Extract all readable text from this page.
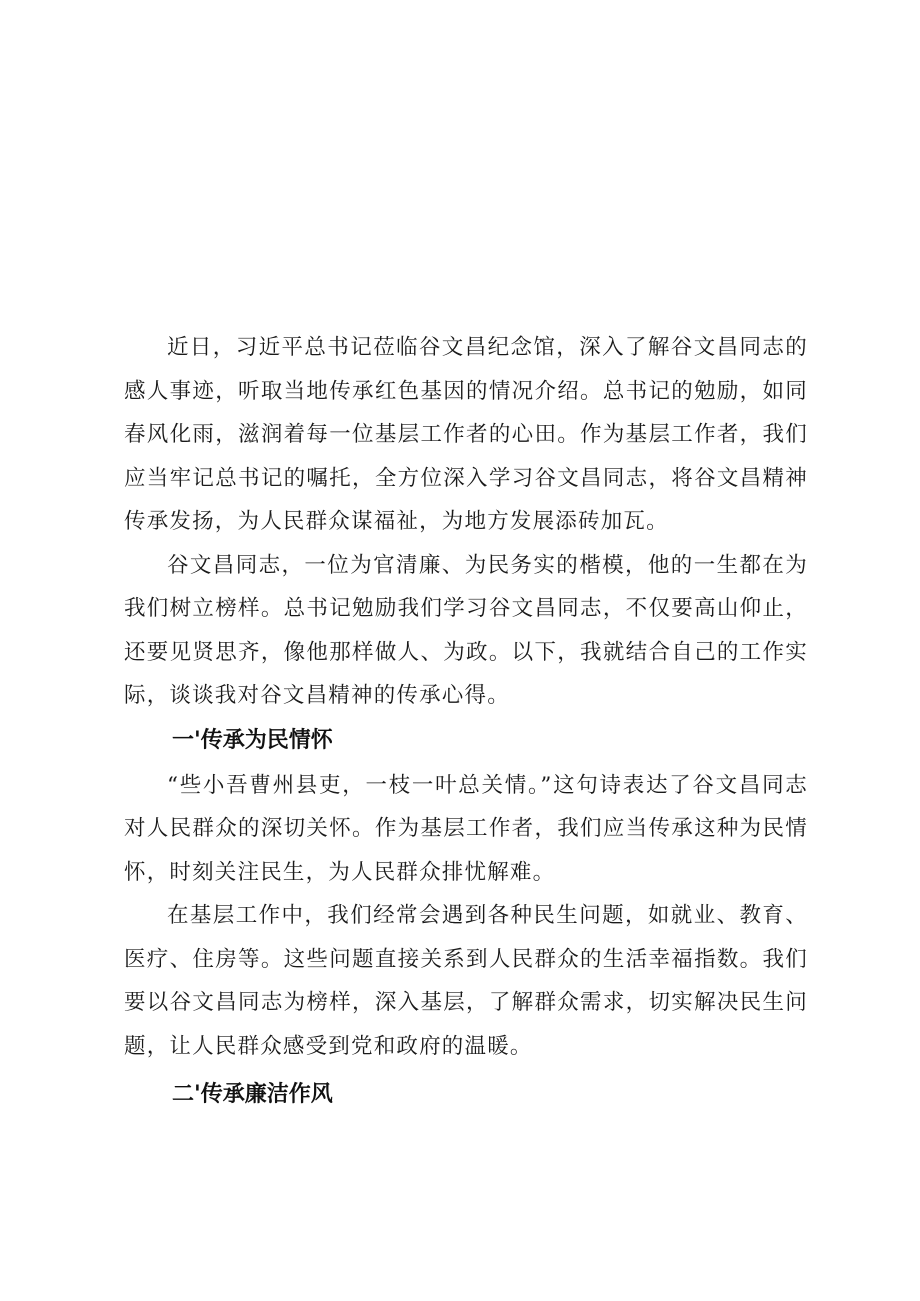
近日，习近平总书记莅临谷文昌纪念馆，深入了解谷文昌同志的感人事迹，听取当地传承红色基因的情况介绍。总书记的勉励，如同春风化雨，滋润着每一位基层工作者的心田。作为基层工作者，我们应当牢记总书记的嘱托，全方位深入学习谷文昌同志，将谷文昌精神传承发扬，为人民群众谋福祉，为地方发展添砖加瓦。

谷文昌同志，一位为官清廉、为民务实的楷模，他的一生都在为我们树立榜样。总书记勉励我们学习谷文昌同志，不仅要高山仰止，还要见贤思齐，像他那样做人、为政。以下，我就结合自己的工作实际，谈谈我对谷文昌精神的传承心得。

一'传承为民情怀

“些小吾曹州县吏，一枝一叶总关情。”这句诗表达了谷文昌同志对人民群众的深切关怀。作为基层工作者，我们应当传承这种为民情怀，时刻关注民生，为人民群众排忧解难。

在基层工作中，我们经常会遇到各种民生问题，如就业、教育、医疗、住房等。这些问题直接关系到人民群众的生活幸福指数。我们要以谷文昌同志为榜样，深入基层，了解群众需求，切实解决民生问题，让人民群众感受到党和政府的温暖。

二'传承廉洁作风
